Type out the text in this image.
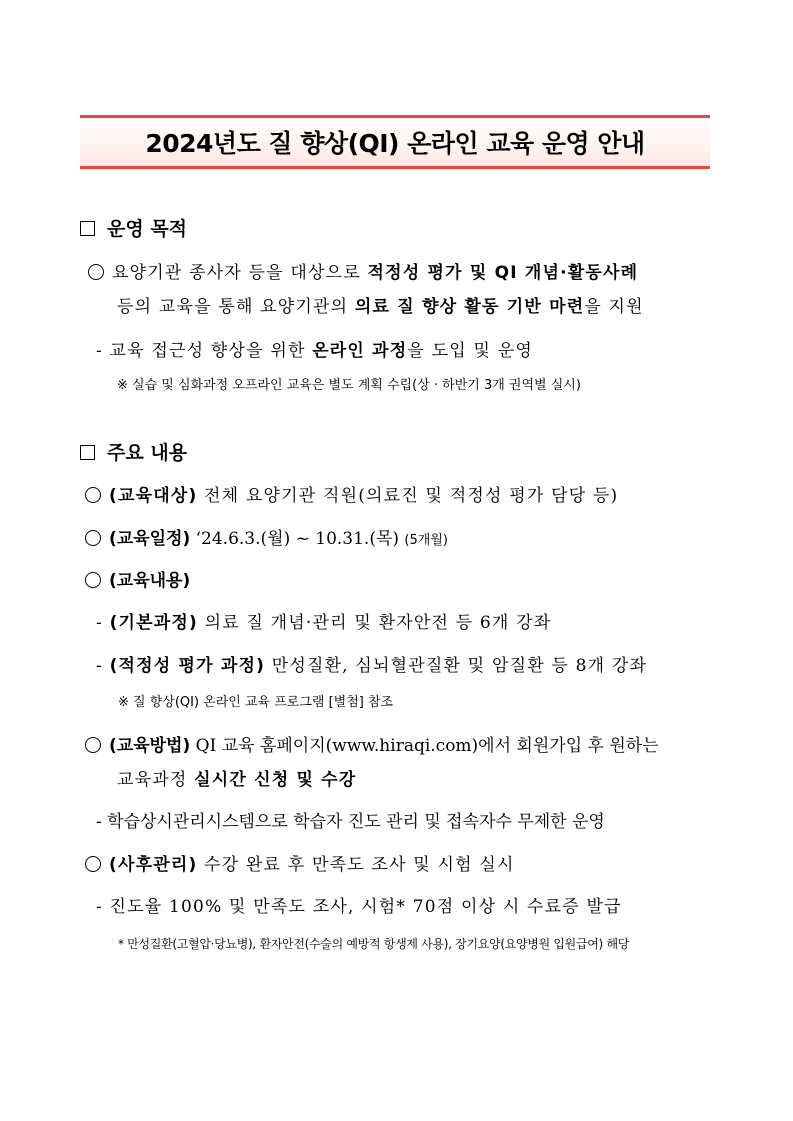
2024년도 질 향상(QI) 온라인 교육 운영 안내
운영 목적
요양기관 종사자 등을 대상으로 적정성 평가 및 QI 개념·활동사례
등의 교육을 통해 요양기관의 의료 질 향상 활동 기반 마련을 지원
- 교육 접근성 향상을 위한 온라인 과정을 도입 및 운영
※ 실습 및 심화과정 오프라인 교육은 별도 계획 수립(상 · 하반기 3개 권역별 실시)
주요 내용
(교육대상) 전체 요양기관 직원(의료진 및 적정성 평가 담당 등)
(교육일정) ‘24.6.3.(월) ~ 10.31.(목) (5개월)
(교육내용)
- (기본과정) 의료 질 개념·관리 및 환자안전 등 6개 강좌
- (적정성 평가 과정) 만성질환, 심뇌혈관질환 및 암질환 등 8개 강좌
※ 질 향상(QI) 온라인 교육 프로그램 [별첨] 참조
(교육방법) QI 교육 홈페이지(www.hiraqi.com)에서 회원가입 후 원하는
교육과정 실시간 신청 및 수강
- 학습상시관리시스템으로 학습자 진도 관리 및 접속자수 무제한 운영
(사후관리) 수강 완료 후 만족도 조사 및 시험 실시
- 진도율 100% 및 만족도 조사, 시험* 70점 이상 시 수료증 발급
* 만성질환(고혈압·당뇨병), 환자안전(수술의 예방적 항생제 사용), 장기요양(요양병원 입원급여) 해당
